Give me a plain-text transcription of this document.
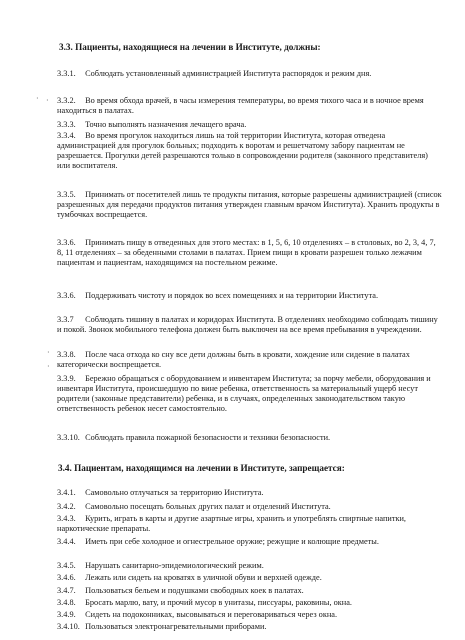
3.3. Пациенты, находящиеся на лечении в Институте, должны:
3.3.1. Соблюдать установленный администрацией Института распорядок и режим дня.
3.3.2. Во время обхода врачей, в часы измерения температуры, во время тихого часа и в ночное время находиться в палатах.
3.3.3. Точно выполнять назначения лечащего врача.
3.3.4. Во время прогулок находиться лишь на той территории Института, которая отведена администрацией для прогулок больных; подходить к воротам и решетчатому забору пациентам не разрешается. Прогулки детей разрешаются только в сопровождении родителя (законного представителя) или воспитателя.
3.3.5. Принимать от посетителей лишь те продукты питания, которые разрешены администрацией (список разрешенных для передачи продуктов питания утвержден главным врачом Института). Хранить продукты в тумбочках воспрещается.
3.3.6. Принимать пищу в отведенных для этого местах: в 1, 5, 6, 10 отделениях – в столовых, во 2, 3, 4, 7, 8, 11 отделениях – за обеденными столами в палатах. Прием пищи в кровати разрешен только лежачим пациентам и пациентам, находящимся на постельном режиме.
3.3.6. Поддерживать чистоту и порядок во всех помещениях и на территории Института.
3.3.7 Соблюдать тишину в палатах и коридорах Института. В отделениях необходимо соблюдать тишину и покой. Звонок мобильного телефона должен быть выключен на все время пребывания в учреждении.
3.3.8. После часа отхода ко сну все дети должны быть в кровати, хождение или сидение в палатах категорически воспрещается.
3.3.9. Бережно обращаться с оборудованием и инвентарем Института; за порчу мебели, оборудования и инвентаря Института, происшедшую по вине ребенка, ответственность за материальный ущерб несут родители (законные представители) ребенка, и в случаях, определенных законодательством такую ответственность ребенок несет самостоятельно.
3.3.10. Соблюдать правила пожарной безопасности и техники безопасности.
3.4. Пациентам, находящимся на лечении в Институте, запрещается:
3.4.1. Самовольно отлучаться за территорию Института.
3.4.2. Самовольно посещать больных других палат и отделений Института.
3.4.3. Курить, играть в карты и другие азартные игры, хранить и употреблять спиртные напитки, наркотические препараты.
3.4.4. Иметь при себе холодное и огнестрельное оружие; режущие и колющие предметы.
3.4.5. Нарушать санитарно-эпидемиологический режим.
3.4.6. Лежать или сидеть на кроватях в уличной обуви и верхней одежде.
3.4.7. Пользоваться бельем и подушками свободных коек в палатах.
3.4.8. Бросать марлю, вату, и прочий мусор в унитазы, писсуары, раковины, окна.
3.4.9. Сидеть на подоконниках, высовываться и переговариваться через окна.
3.4.10. Пользоваться электронагревательными приборами.
· ·
·
·
